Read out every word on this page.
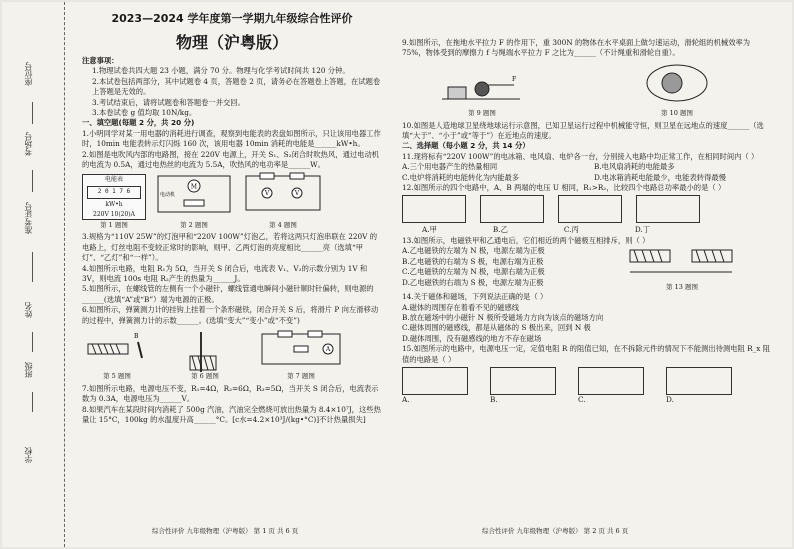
座位号
考场号
准考证号
姓名
班级
学校
2023—2024 学年度第一学期九年级综合性评价
物理（沪粤版）

注意事项：

1.物理试卷共四大题 23 小题，满分 70 分。物理与化学考试时间共 120 分钟。

2.本试卷包括两部分，其中试题卷 4 页，答题卷 2 页，请务必在答题卷上答题，在试题卷上答题是无效的。

3.考试结束后，请将试题卷和答题卷一并交回。

3.本卷试卷 g 值均取 10N/kg。

一、填空题(每题 2 分，共 20 分)

1.小明同学对某一用电器的消耗进行调查，观察到电能表的表盘如图所示，只让该用电器工作时，10min 电能表转示灯闪烁 160 次，该用电器 10min 消耗的电能是______kW•h。

2.如图是电吹风内部的电路图，接在 220V 电源上，开关 S₁、S₂闭合时吹热风，通过电动机的电流为 0.5A，通过电热丝的电流为 5.5A，吹热风的电功率是______W。

电能表
2 0 1 7 6
kW•h
220V 10(20)A
第 1 题图
M
电动机
第 2 题图
V	V
第 4 题图

3.规格为“110V 25W”的灯泡甲和“220V 100W”灯泡乙，若将这两只灯泡串联在 220V 的电路上，灯丝电阻不变较正常时的影响，则甲、乙两灯泡的亮度相比______亮（选填“甲灯”、“乙灯”和“一样”）。

4.如图所示电路，电阻 R₁为 5Ω，当开关 S 闭合后，电流表 V₁、V₂的示数分别为 1V 和 3V，则电流 100s 电阻 R₂产生的热量为______J。

5.如图所示，在螺线管的左侧有一个小磁针，螺线管通电瞬间小磁针顺时针偏转，则电源的______(选填“A”或“B”）端为电源的正极。

6.如图所示，弹簧测力计的挂钩上挂着一个条形磁铁，闭合开关 S 后，将滑片 P 向左滑移动的过程中，弹簧测力计的示数______。(选填“变大”“变小”或“不变”)

B
第 5 题图	第 6 题图
A
第 7 题图

7.如图所示电路，电源电压不变，R₁=4Ω，R₂=6Ω，R₃=5Ω，当开关 S 闭合后，电流表示数为 0.3A，电源电压为______V。

8.如果汽车在某段时间内消耗了 500g 汽油，汽油完全燃烧可放出热量为 8.4×10⁷J，这些热量让 15°C，100kg 的水温度升高______°C。[c水=4.2×10³J/(kg•°C)]不计热量损失]

9.如图所示，在拖地水平拉力 F 的作用下，重 300N 的物体在水平桌面上做匀速运动，滑轮组的机械效率为 75%，物体受到的摩擦力 f 与绳端水平拉力 F 之比为______（不计绳重和滑轮自重）。

F
第 9 题图	第 10 题图

10.如图是人造地球卫星绕地球运行示意图，已知卫星运行过程中机械能守恒，则卫星在远地点的速度______（选填“大于”、“小于”或“等于”）在近地点的速度。

二、选择题（每小题 2 分，共 14 分）

11.现将标有“220V 100W”的电冰箱、电风扇、电炉各一台，分别接入电路中均正常工作，在相同时间内（ ）

A.三个用电器产生的热量相同	B.电风扇消耗的电能最多
C.电炉将消耗的电能转化为内能最多	D.电冰箱消耗电能最少，电能表转得最慢

12.如图所示的四个电路中，A、B 两端的电压 U 相同，R₁>R₂，比较四个电路总功率最小的是（ ）

A.甲	B.乙	C.丙	D.丁

13.如图所示，电磁铁甲和乙通电后，它们相近的两个磁极互相排斥，则（ ）

A.乙电磁铁的左端为 N 极，电源左端为正极
B.乙电磁铁的右端为 S 极，电源右端为正极
C.乙电磁铁的左端为 N 极，电源右端为正极
D.乙电磁铁的右端为 S 极，电源左端为正极
第 13 题图

14.关于磁体和磁场，下列说法正确的是（ ）

A.磁体的周围存在着看不见的磁感线
B.放在磁场中的小磁针 N 极所受磁场力方向为该点的磁场方向
C.磁体周围的磁感线，都是从磁体的 S 极出来，回到 N 极
D.磁体周围，没有磁感线的地方不存在磁场

15.如图所示的电路中，电源电压一定，定值电阻 R 的阻值已知，在不拆除元件的情况下不能测出待测电阻 R_x 阻值的电路是（ ）

A.	B.	C.	D.
综合性评价 九年级物理（沪粤版） 第 1 页 共 6 页	综合性评价 九年级物理（沪粤版） 第 2 页 共 6 页
